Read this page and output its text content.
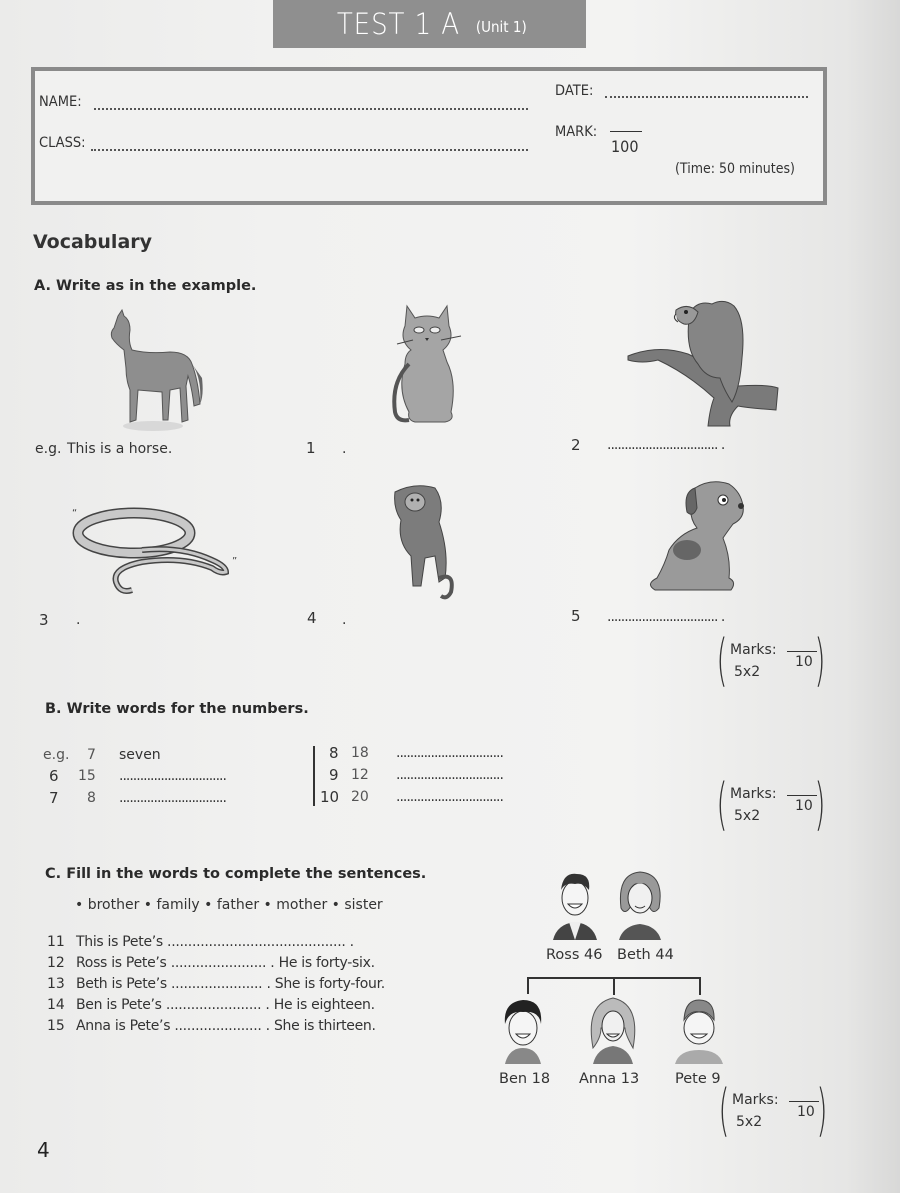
TEST 1 A (Unit 1)
NAME:
CLASS:
DATE:
MARK:
100
(Time: 50 minutes)
Vocabulary
A. Write as in the example.
e.g. This is a horse.	1 .	2 ................................ .
“
”
3 .	4 .	5 ................................ .
( Marks:
5x2
10 )
B. Write words for the numbers.
e.g. 7 seven
6 15 ...............................
7 8 ...............................
8 18 ...............................
9 12 ...............................
10 20 ...............................	( Marks:
5x2
10 )
C. Fill in the words to complete the sentences.
• brother • family • father • mother • sister
11 This is Pete’s ........................................... .
12 Ross is Pete’s ....................... . He is forty-six.
13 Beth is Pete’s ...................... . She is forty-four.
14 Ben is Pete’s ....................... . He is eighteen.
15 Anna is Pete’s ..................... . She is thirteen.
Ross 46 Beth 44
Ben 18 Anna 13 Pete 9
( Marks:
5x2
10 )
4
